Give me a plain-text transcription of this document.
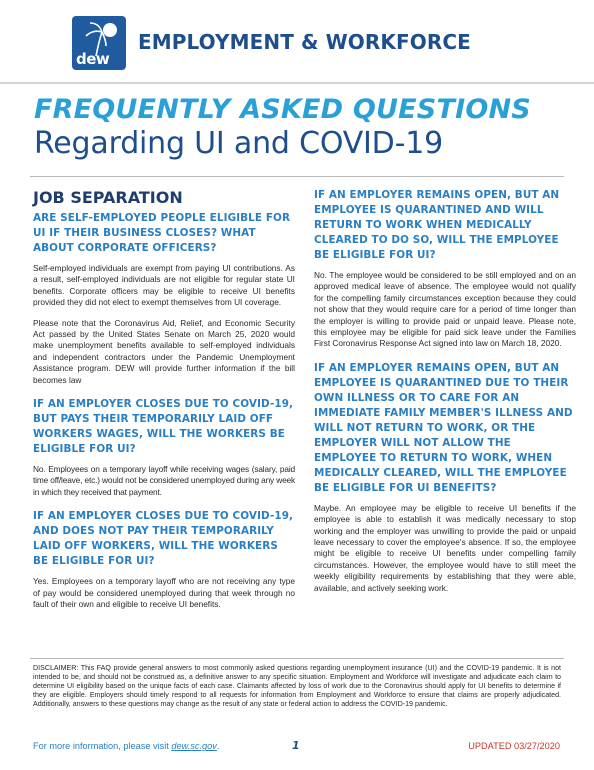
dew
EMPLOYMENT & WORKFORCE
FREQUENTLY ASKED QUESTIONS
Regarding UI and COVID-19
JOB SEPARATION
ARE SELF-EMPLOYED PEOPLE ELIGIBLE FOR UI IF THEIR BUSINESS CLOSES? WHAT ABOUT CORPORATE OFFICERS?

Self-employed individuals are exempt from paying UI contributions. As a result, self-employed individuals are not eligible for regular state UI benefits. Corporate officers may be eligible to receive UI benefits provided they did not elect to exempt themselves from UI coverage.

Please note that the Coronavirus Aid, Relief, and Economic Security Act passed by the United States Senate on March 25, 2020 would make unemployment benefits available to self-employed individuals and independent contractors under the Pandemic Unemployment Assistance program. DEW will provide further information if the bill becomes law

IF AN EMPLOYER CLOSES DUE TO COVID-19, BUT PAYS THEIR TEMPORARILY LAID OFF WORKERS WAGES, WILL THE WORKERS BE ELIGIBLE FOR UI?

No. Employees on a temporary layoff while receiving wages (salary, paid time off/leave, etc.) would not be considered unemployed during any week in which they received that payment.

IF AN EMPLOYER CLOSES DUE TO COVID-19, AND DOES NOT PAY THEIR TEMPORARILY LAID OFF WORKERS, WILL THE WORKERS BE ELIGIBLE FOR UI?

Yes. Employees on a temporary layoff who are not receiving any type of pay would be considered unemployed during that week through no fault of their own and eligible to receive UI benefits.

IF AN EMPLOYER REMAINS OPEN, BUT AN EMPLOYEE IS QUARANTINED AND WILL RETURN TO WORK WHEN MEDICALLY CLEARED TO DO SO, WILL THE EMPLOYEE BE ELIGIBLE FOR UI?

No. The employee would be considered to be still employed and on an approved medical leave of absence. The employee would not qualify for the compelling family circumstances exception because they could not show that they would require care for a period of time longer than the employer is willing to provide paid or unpaid leave. Please note, this employee may be eligible for paid sick leave under the Families First Coronavirus Response Act signed into law on March 18, 2020.

IF AN EMPLOYER REMAINS OPEN, BUT AN EMPLOYEE IS QUARANTINED DUE TO THEIR OWN ILLNESS OR TO CARE FOR AN IMMEDIATE FAMILY MEMBER'S ILLNESS AND WILL NOT RETURN TO WORK, OR THE EMPLOYER WILL NOT ALLOW THE EMPLOYEE TO RETURN TO WORK, WHEN MEDICALLY CLEARED, WILL THE EMPLOYEE BE ELIGIBLE FOR UI BENEFITS?

Maybe. An employee may be eligible to receive UI benefits if the employee is able to establish it was medically necessary to stop working and the employer was unwilling to provide the paid or unpaid leave necessary to cover the employee's absence. If so, the employee might be eligible to receive UI benefits under compelling family circumstances. However, the employee would have to still meet the weekly eligibility requirements by establishing that they were able, available, and actively seeking work.

DISCLAIMER: This FAQ provide general answers to most commonly asked questions regarding unemployment insurance (UI) and the COVID-19 pandemic. It is not intended to be, and should not be construed as, a definitive answer to any specific situation. Employment and Workforce will investigate and adjudicate each claim to determine UI eligibility based on the unique facts of each case. Claimants affected by loss of work due to the Coronavirus should apply for UI benefits to determine if they are eligible. Employers should timely respond to all requests for information from Employment and Workforce to ensure that claims are properly adjudicated. Additionally, answers to these questions may change as the result of any state or federal action to address the COVID-19 pandemic.

For more information, please visit dew.sc.gov.	1	UPDATED 03/27/2020
